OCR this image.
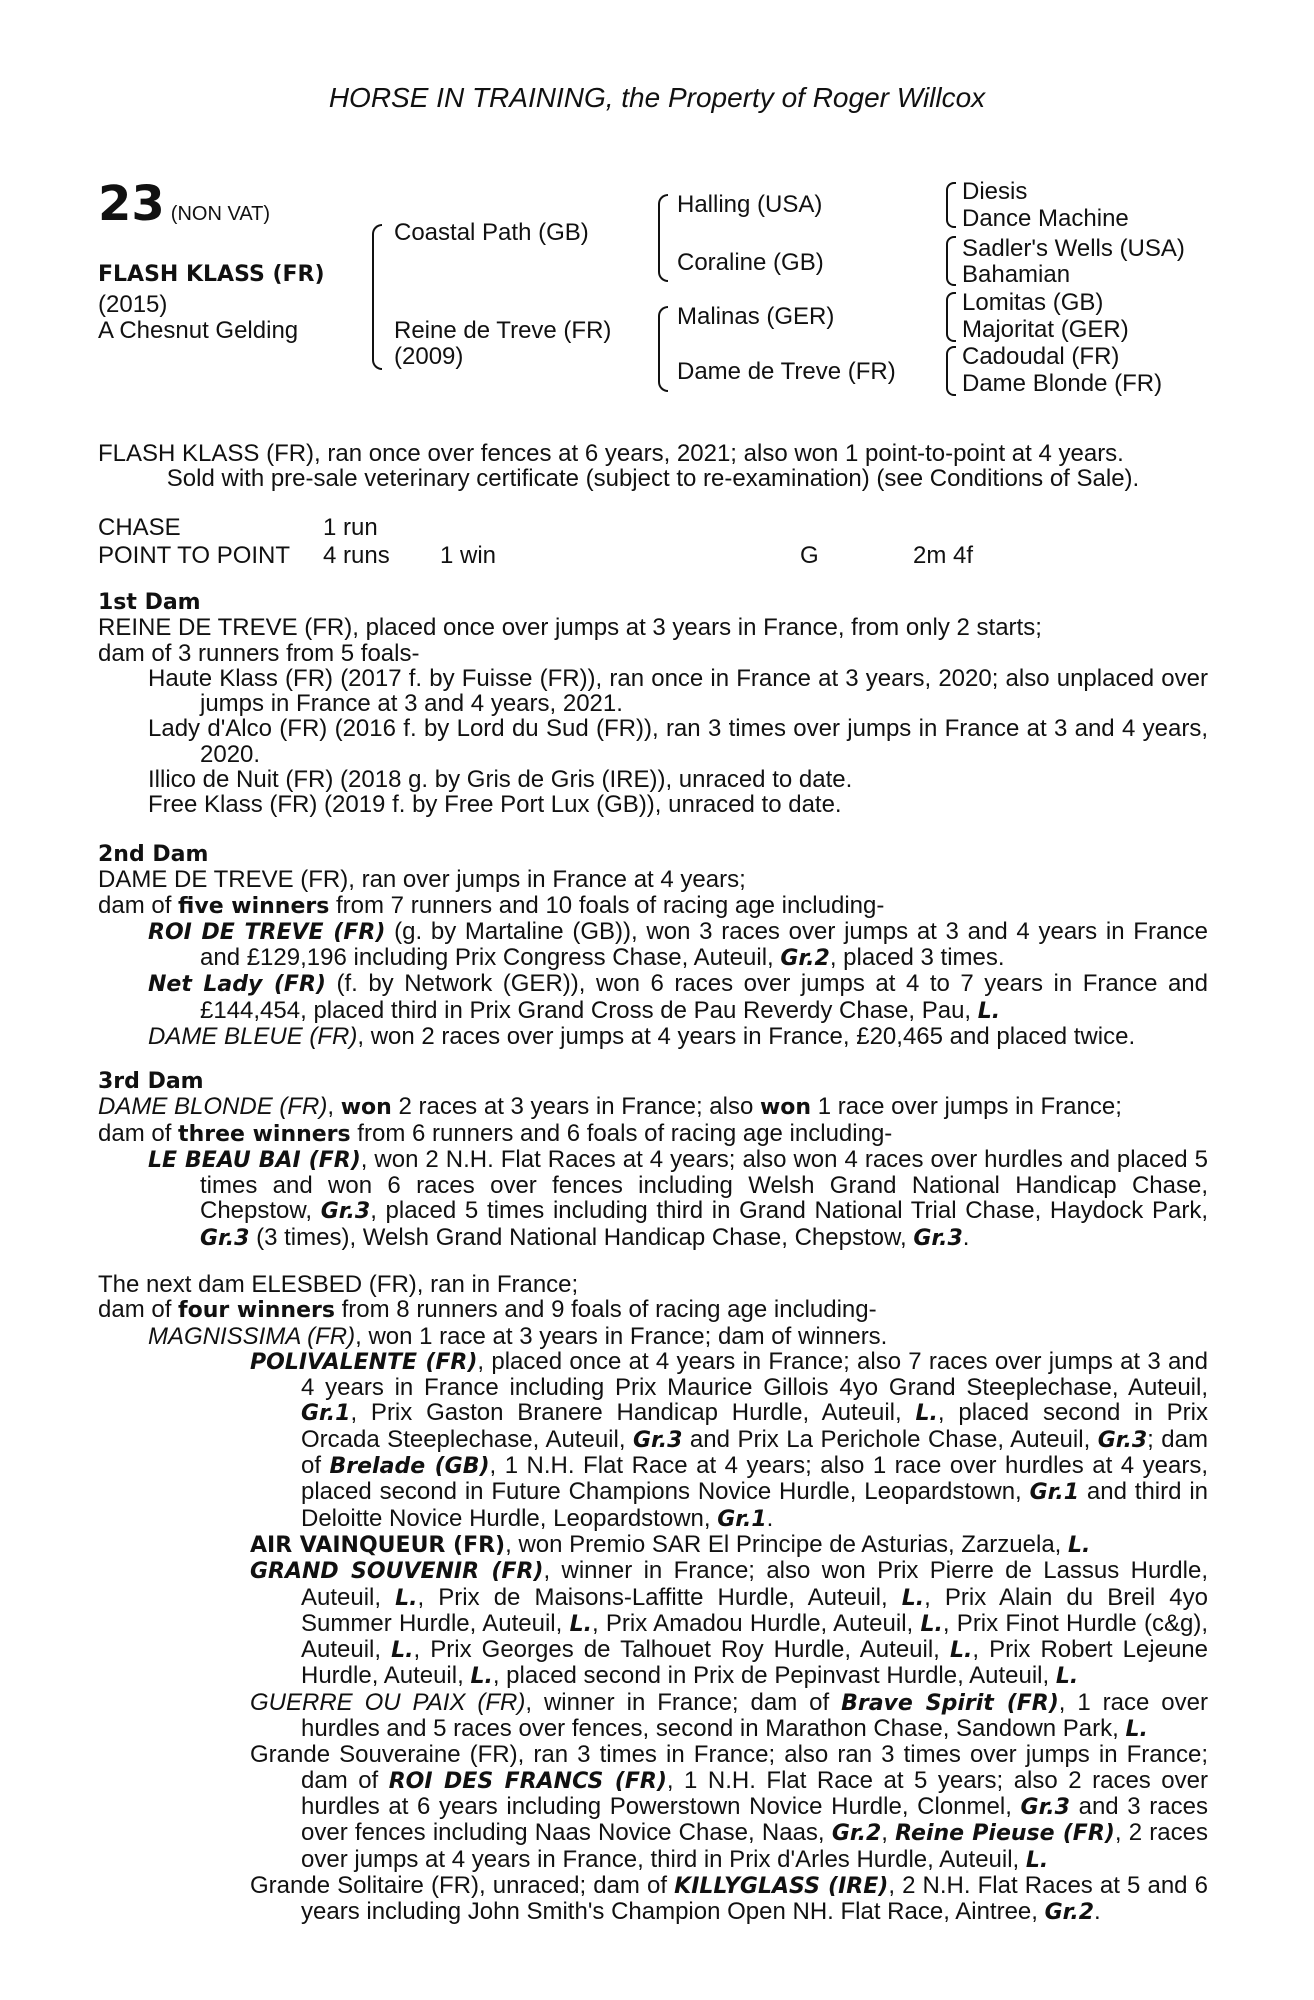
HORSE IN TRAINING, the Property of Roger Willcox
23 (NON VAT)
FLASH KLASS (FR)
(2015)
A Chesnut Gelding
Coastal Path (GB)
Reine de Treve (FR)
(2009)
Halling (USA)
Coraline (GB)
Malinas (GER)
Dame de Treve (FR)
Diesis
Dance Machine
Sadler's Wells (USA)
Bahamian
Lomitas (GB)
Majoritat (GER)
Cadoudal (FR)
Dame Blonde (FR)

FLASH KLASS (FR), ran once over fences at 6 years, 2021; also won 1 point-to-point at 4 years.

Sold with pre-sale veterinary certificate (subject to re-examination) (see Conditions of Sale).

CHASE	1 run			
POINT TO POINT	4 runs	1 win	G	2m 4f

1st Dam

REINE DE TREVE (FR), placed once over jumps at 3 years in France, from only 2 starts;

dam of 3 runners from 5 foals-

Haute Klass (FR) (2017 f. by Fuisse (FR)), ran once in France at 3 years, 2020; also unplaced over jumps in France at 3 and 4 years, 2021.

Lady d'Alco (FR) (2016 f. by Lord du Sud (FR)), ran 3 times over jumps in France at 3 and 4 years, 2020.

Illico de Nuit (FR) (2018 g. by Gris de Gris (IRE)), unraced to date.

Free Klass (FR) (2019 f. by Free Port Lux (GB)), unraced to date.

2nd Dam

DAME DE TREVE (FR), ran over jumps in France at 4 years;

dam of five winners from 7 runners and 10 foals of racing age including-

ROI DE TREVE (FR) (g. by Martaline (GB)), won 3 races over jumps at 3 and 4 years in France and £129,196 including Prix Congress Chase, Auteuil, Gr.2, placed 3 times.

Net Lady (FR) (f. by Network (GER)), won 6 races over jumps at 4 to 7 years in France and £144,454, placed third in Prix Grand Cross de Pau Reverdy Chase, Pau, L.

DAME BLEUE (FR), won 2 races over jumps at 4 years in France, £20,465 and placed twice.

3rd Dam

DAME BLONDE (FR), won 2 races at 3 years in France; also won 1 race over jumps in France;

dam of three winners from 6 runners and 6 foals of racing age including-

LE BEAU BAI (FR), won 2 N.H. Flat Races at 4 years; also won 4 races over hurdles and placed 5 times and won 6 races over fences including Welsh Grand National Handicap Chase, Chepstow, Gr.3, placed 5 times including third in Grand National Trial Chase, Haydock Park, Gr.3 (3 times), Welsh Grand National Handicap Chase, Chepstow, Gr.3.

The next dam ELESBED (FR), ran in France;

dam of four winners from 8 runners and 9 foals of racing age including-

MAGNISSIMA (FR), won 1 race at 3 years in France; dam of winners.

POLIVALENTE (FR), placed once at 4 years in France; also 7 races over jumps at 3 and 4 years in France including Prix Maurice Gillois 4yo Grand Steeplechase, Auteuil, Gr.1, Prix Gaston Branere Handicap Hurdle, Auteuil, L., placed second in Prix Orcada Steeplechase, Auteuil, Gr.3 and Prix La Perichole Chase, Auteuil, Gr.3; dam of Brelade (GB), 1 N.H. Flat Race at 4 years; also 1 race over hurdles at 4 years, placed second in Future Champions Novice Hurdle, Leopardstown, Gr.1 and third in Deloitte Novice Hurdle, Leopardstown, Gr.1.

AIR VAINQUEUR (FR), won Premio SAR El Principe de Asturias, Zarzuela, L.

GRAND SOUVENIR (FR), winner in France; also won Prix Pierre de Lassus Hurdle, Auteuil, L., Prix de Maisons-Laffitte Hurdle, Auteuil, L., Prix Alain du Breil 4yo Summer Hurdle, Auteuil, L., Prix Amadou Hurdle, Auteuil, L., Prix Finot Hurdle (c&g), Auteuil, L., Prix Georges de Talhouet Roy Hurdle, Auteuil, L., Prix Robert Lejeune Hurdle, Auteuil, L., placed second in Prix de Pepinvast Hurdle, Auteuil, L.

GUERRE OU PAIX (FR), winner in France; dam of Brave Spirit (FR), 1 race over hurdles and 5 races over fences, second in Marathon Chase, Sandown Park, L.

Grande Souveraine (FR), ran 3 times in France; also ran 3 times over jumps in France; dam of ROI DES FRANCS (FR), 1 N.H. Flat Race at 5 years; also 2 races over hurdles at 6 years including Powerstown Novice Hurdle, Clonmel, Gr.3 and 3 races over fences including Naas Novice Chase, Naas, Gr.2, Reine Pieuse (FR), 2 races over jumps at 4 years in France, third in Prix d'Arles Hurdle, Auteuil, L.

Grande Solitaire (FR), unraced; dam of KILLYGLASS (IRE), 2 N.H. Flat Races at 5 and 6 years including John Smith's Champion Open NH. Flat Race, Aintree, Gr.2.
